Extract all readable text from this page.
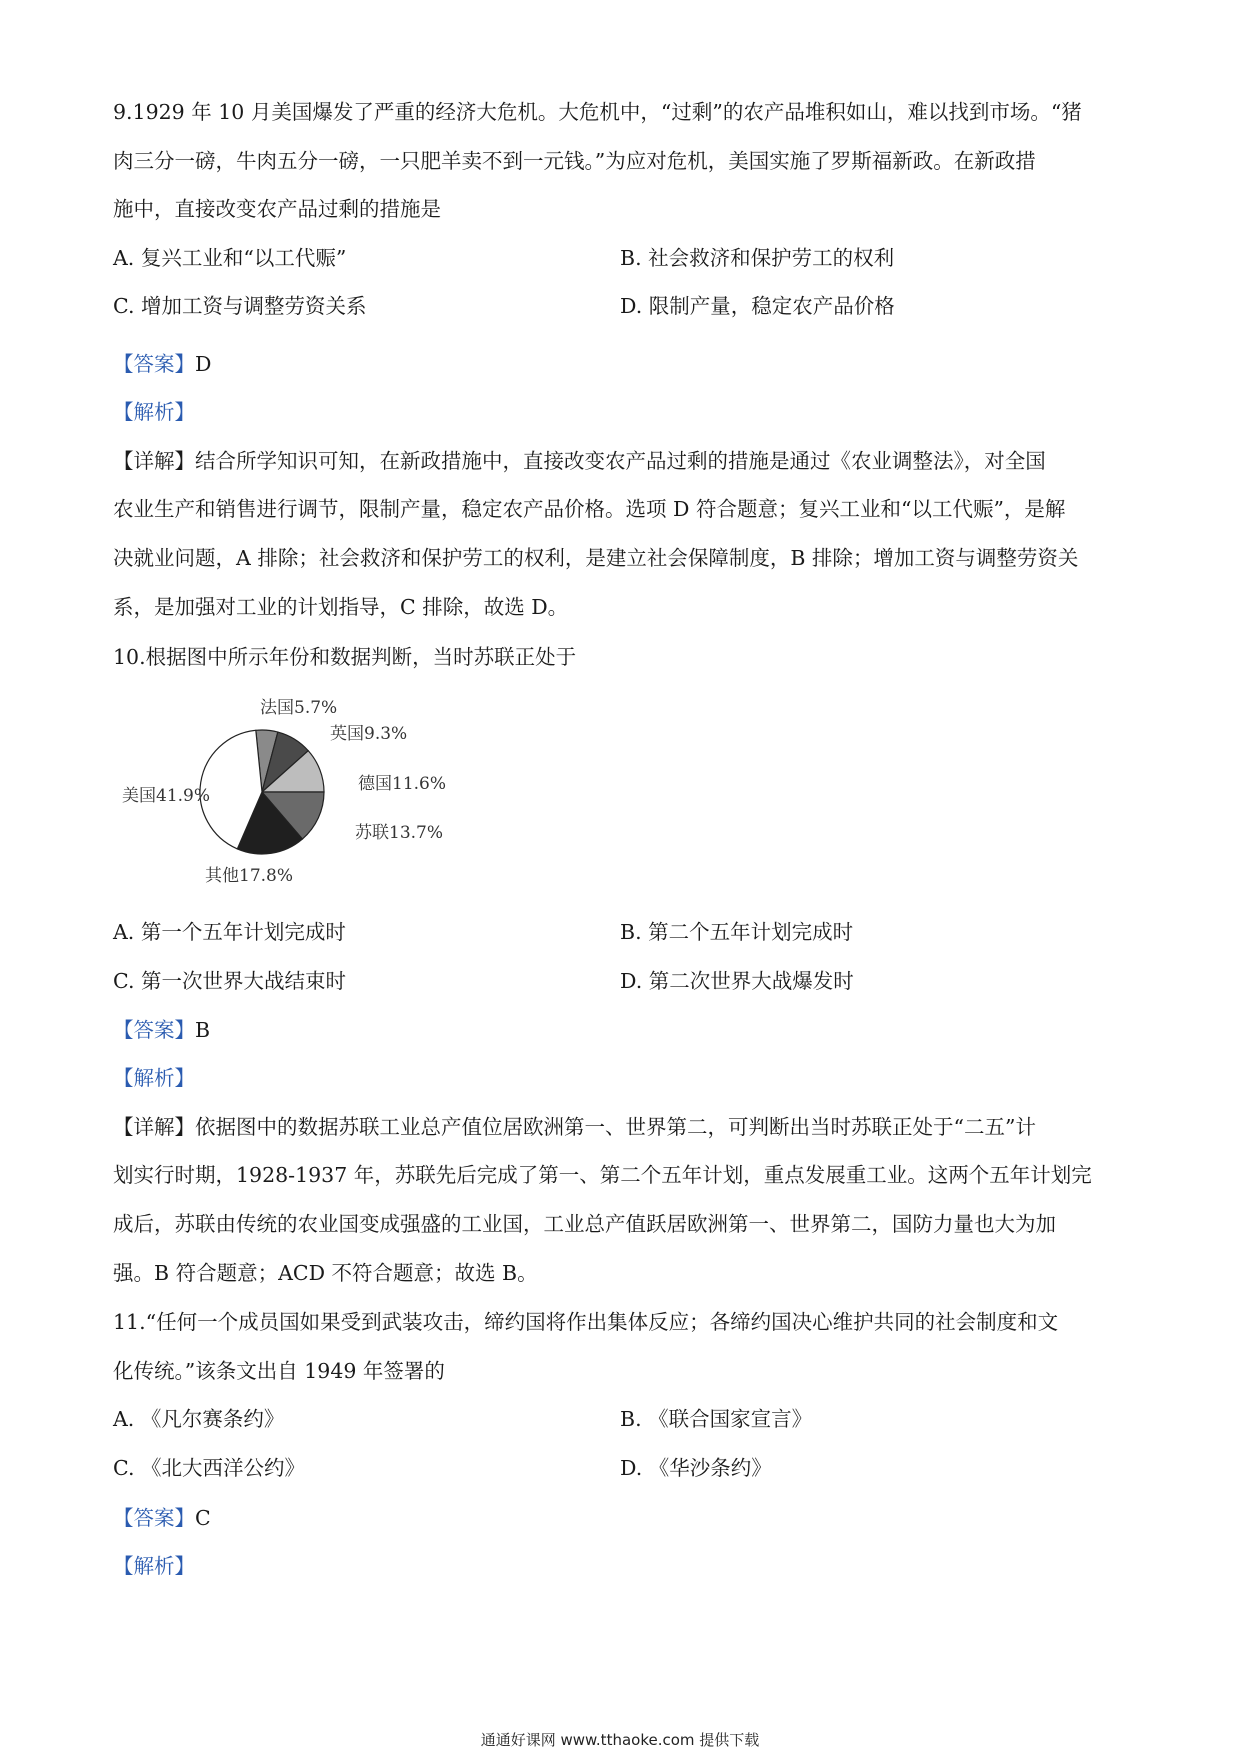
9.1929 年 10 月美国爆发了严重的经济大危机。大危机中，“过剩”的农产品堆积如山，难以找到市场。“猪
肉三分一磅，牛肉五分一磅，一只肥羊卖不到一元钱。”为应对危机，美国实施了罗斯福新政。在新政措
施中，直接改变农产品过剩的措施是
A. 复兴工业和“以工代赈”	B. 社会救济和保护劳工的权利
C. 增加工资与调整劳资关系	D. 限制产量，稳定农产品价格
【答案】D
【解析】
【详解】结合所学知识可知，在新政措施中，直接改变农产品过剩的措施是通过《农业调整法》，对全国
农业生产和销售进行调节，限制产量，稳定农产品价格。选项 D 符合题意；复兴工业和“以工代赈”，是解
决就业问题，A 排除；社会救济和保护劳工的权利，是建立社会保障制度，B 排除；增加工资与调整劳资关
系，是加强对工业的计划指导，C 排除，故选 D。
10.根据图中所示年份和数据判断，当时苏联正处于
法国5.7%
英国9.3%
德国11.6%
苏联13.7%
其他17.8%
美国41.9%
A. 第一个五年计划完成时	B. 第二个五年计划完成时
C. 第一次世界大战结束时	D. 第二次世界大战爆发时
【答案】B
【解析】
【详解】依据图中的数据苏联工业总产值位居欧洲第一、世界第二，可判断出当时苏联正处于“二五”计
划实行时期，1928-1937 年，苏联先后完成了第一、第二个五年计划，重点发展重工业。这两个五年计划完
成后，苏联由传统的农业国变成强盛的工业国，工业总产值跃居欧洲第一、世界第二，国防力量也大为加
强。B 符合题意；ACD 不符合题意；故选 B。
11.“任何一个成员国如果受到武装攻击，缔约国将作出集体反应；各缔约国决心维护共同的社会制度和文
化传统。”该条文出自 1949 年签署的
A. 《凡尔赛条约》	B. 《联合国家宣言》
C. 《北大西洋公约》	D. 《华沙条约》
【答案】C
【解析】
通通好课网 www.tthaoke.com 提供下载
